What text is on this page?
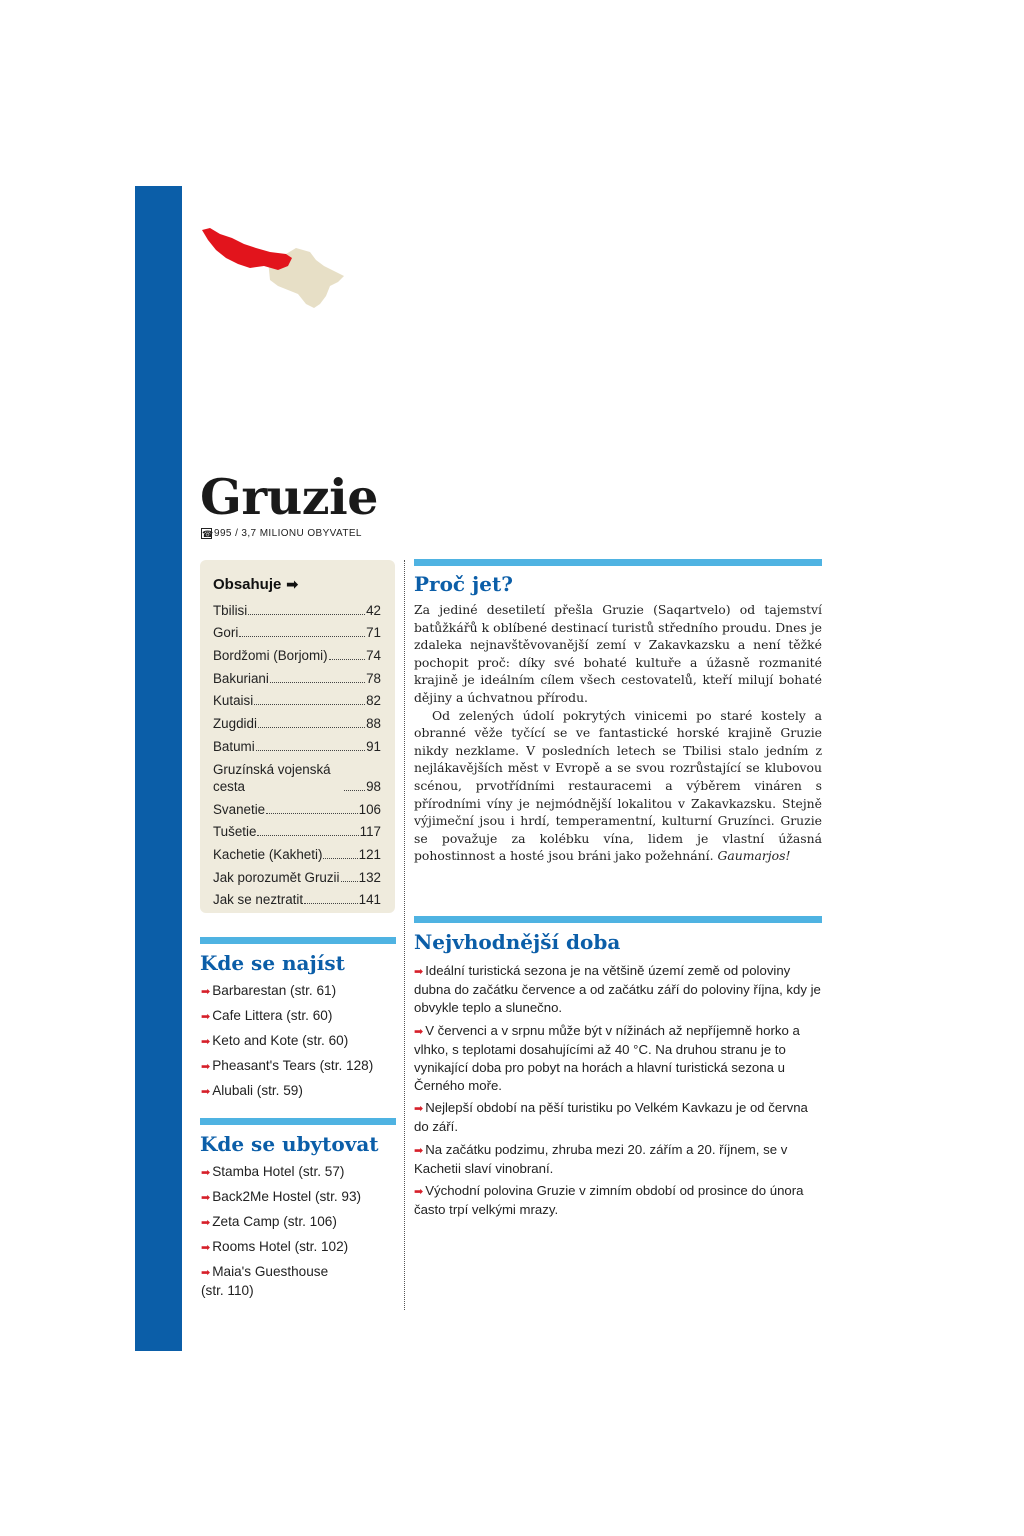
Gruzie
☎ 995 / 3,7 MILIONU OBYVATEL
Obsahuje ➡
Tbilisi	42
Gori	71
Bordžomi (Borjomi)	74
Bakuriani	78
Kutaisi	82
Zugdidi	88
Batumi	91
Gruzínská vojenská cesta	98
Svanetie	106
Tušetie	117
Kachetie (Kakheti)	121
Jak porozumět Gruzii 132
Jak se neztratit	141
Kde se najíst
➡ Barbarestan (str. 61)
➡ Cafe Littera (str. 60)
➡ Keto and Kote (str. 60)
➡ Pheasant's Tears (str. 128)
➡ Alubali (str. 59)
Kde se ubytovat
➡ Stamba Hotel (str. 57)
➡ Back2Me Hostel (str. 93)
➡ Zeta Camp (str. 106)
➡ Rooms Hotel (str. 102)
➡ Maia's Guesthouse (str. 110)
Proč jet?

Za jediné desetiletí přešla Gruzie (Saqartvelo) od tajemství batůžkářů k oblíbené destinací turistů středního proudu. Dnes je zdaleka nejnavštěvovanější zemí v Zakavkazsku a není těžké pochopit proč: díky své bohaté kultuře a úžasně rozmanité krajině je ideálním cílem všech cestovatelů, kteří milují bohaté dějiny a úchvatnou přírodu.

Od zelených údolí pokrytých vinicemi po staré kostely a obranné věže tyčící se ve fantastické horské krajině Gruzie nikdy nezklame. V posledních letech se Tbilisi stalo jedním z nejlákavějších měst v Evropě a se svou rozrůstající se klubovou scénou, prvotřídními restauracemi a výběrem vináren s přírodními víny je nejmódnější lokalitou v Zakavkazsku. Stejně výjimeční jsou i hrdí, temperamentní, kulturní Gruzínci. Gruzie se považuje za kolébku vína, lidem je vlastní úžasná pohostinnost a hosté jsou bráni jako požehnání. Gaumarjos!

Nejvhodnější doba
➡ Ideální turistická sezona je na většině území země od poloviny dubna do začátku července a od začátku září do poloviny října, kdy je obvykle teplo a slunečno.
➡ V červenci a v srpnu může být v nížinách až nepříjemně horko a vlhko, s teplotami dosahujícími až 40 °C. Na druhou stranu je to vynikající doba pro pobyt na horách a hlavní turistická sezona u Černého moře.
➡ Nejlepší období na pěší turistiku po Velkém Kavkazu je od června do září.
➡ Na začátku podzimu, zhruba mezi 20. zářím a 20. říjnem, se v Kachetii slaví vinobraní.
➡ Východní polovina Gruzie v zimním období od prosince do února často trpí velkými mrazy.
